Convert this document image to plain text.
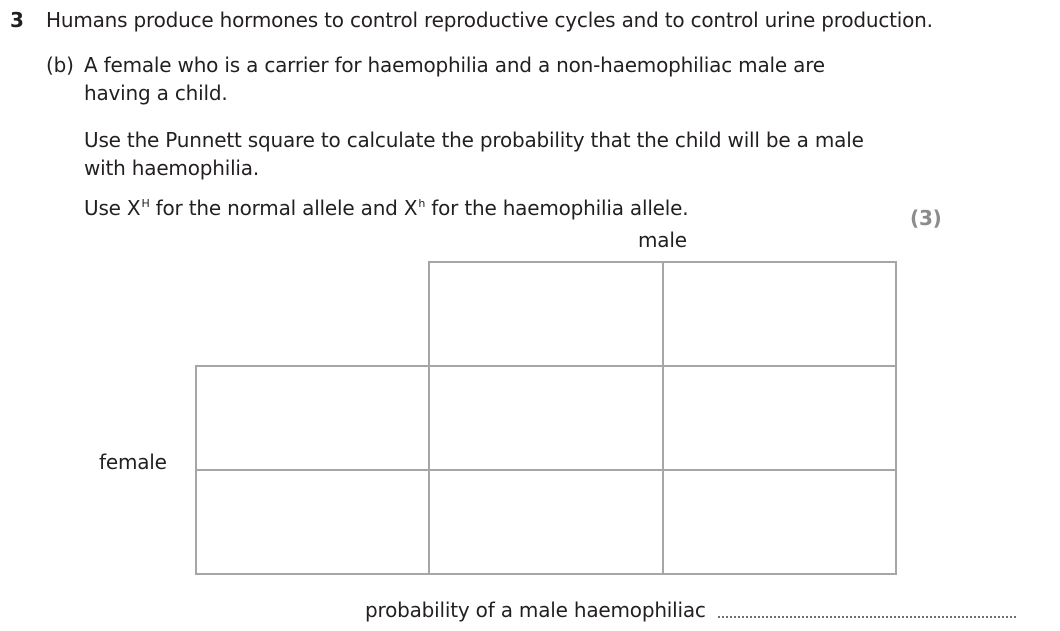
3 Humans produce hormones to control reproductive cycles and to control urine production.
(b) A female who is a carrier for haemophilia and a non-haemophiliac male are
having a child.
Use the Punnett square to calculate the probability that the child will be a male
with haemophilia.
Use $X^H$ for the normal allele and $X^h$ for the haemophilia allele.	(3)
male
female
probability of a male haemophiliac
